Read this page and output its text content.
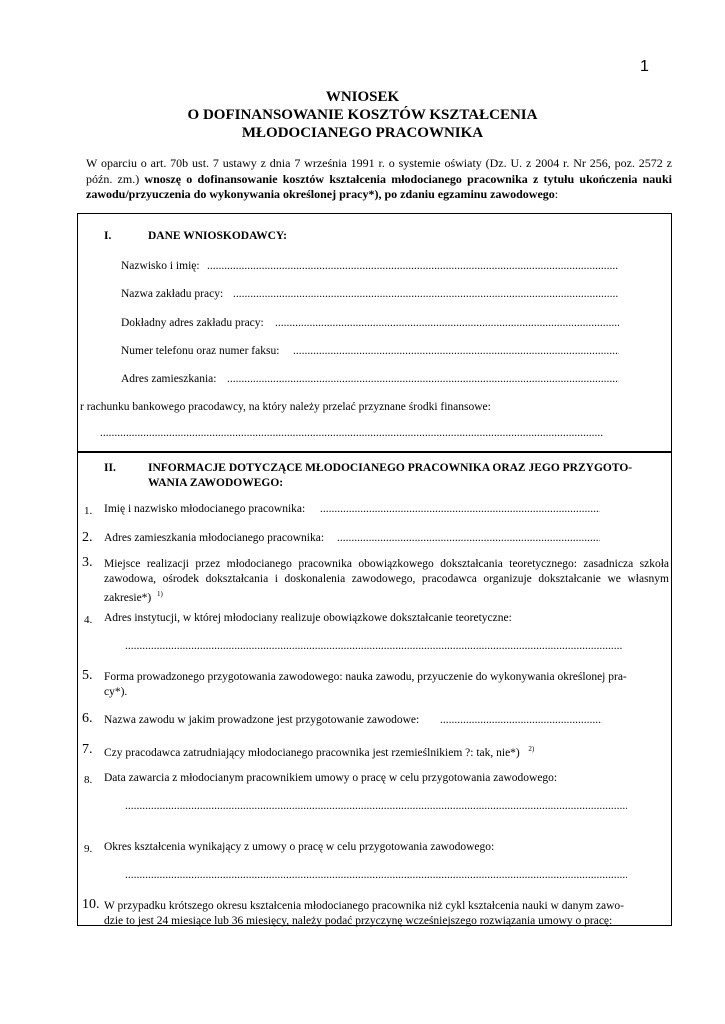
1
WNIOSEK
O DOFINANSOWANIE KOSZTÓW KSZTAŁCENIA
MŁODOCIANEGO PRACOWNIKA
W oparciu o art. 70b ust. 7 ustawy z dnia 7 września 1991 r. o systemie oświaty (Dz. U. z 2004 r. Nr 256, poz. 2572 z późn. zm.) wnoszę o dofinansowanie kosztów kształcenia młodocianego pracownika z tytułu ukończenia nauki zawodu/przyuczenia do wykonywania określonej pracy*), po zdaniu egzaminu zawodowego:
I.	DANE WNIOSKODAWCY:
Nazwisko i imię:
.....
Nazwa zakładu pracy:
.....
Dokładny adres zakładu pracy:
.....
Numer telefonu oraz numer faksu:
.....
Adres zamieszkania:
.....
r rachunku bankowego pracodawcy, na który należy przelać przyznane środki finansowe:
.....
II.	INFORMACJE DOTYCZĄCE MŁODOCIANEGO PRACOWNIKA ORAZ JEGO PRZYGOTO-
WANIA ZAWODOWEGO:
1. Imię i nazwisko młodocianego pracownika:
.....
2. Adres zamieszkania młodocianego pracownika:
.....
3. Miejsce realizacji przez młodocianego pracownika obowiązkowego dokształcania teoretycznego: zasadnicza szkoła zawodowa, ośrodek dokształcania i doskonalenia zawodowego, pracodawca organizuje dokształcanie we własnym zakresie*) $^{1)}$
4. Adres instytucji, w której młodociany realizuje obowiązkowe dokształcanie teoretyczne:
.....
5. Forma prowadzonego przygotowania zawodowego: nauka zawodu, przyuczenie do wykonywania określonej pra-
cy*).
6. Nazwa zawodu w jakim prowadzone jest przygotowanie zawodowe:
.....
7. Czy pracodawca zatrudniający młodocianego pracownika jest rzemieślnikiem ?: tak, nie*) $^{2)}$
8. Data zawarcia z młodocianym pracownikiem umowy o pracę w celu przygotowania zawodowego:
.....
9. Okres kształcenia wynikający z umowy o pracę w celu przygotowania zawodowego:
.....
10. W przypadku krótszego okresu kształcenia młodocianego pracownika niż cykl kształcenia nauki w danym zawo-
dzie to jest 24 miesiące lub 36 miesięcy, należy podać przyczynę wcześniejszego rozwiązania umowy o pracę:
